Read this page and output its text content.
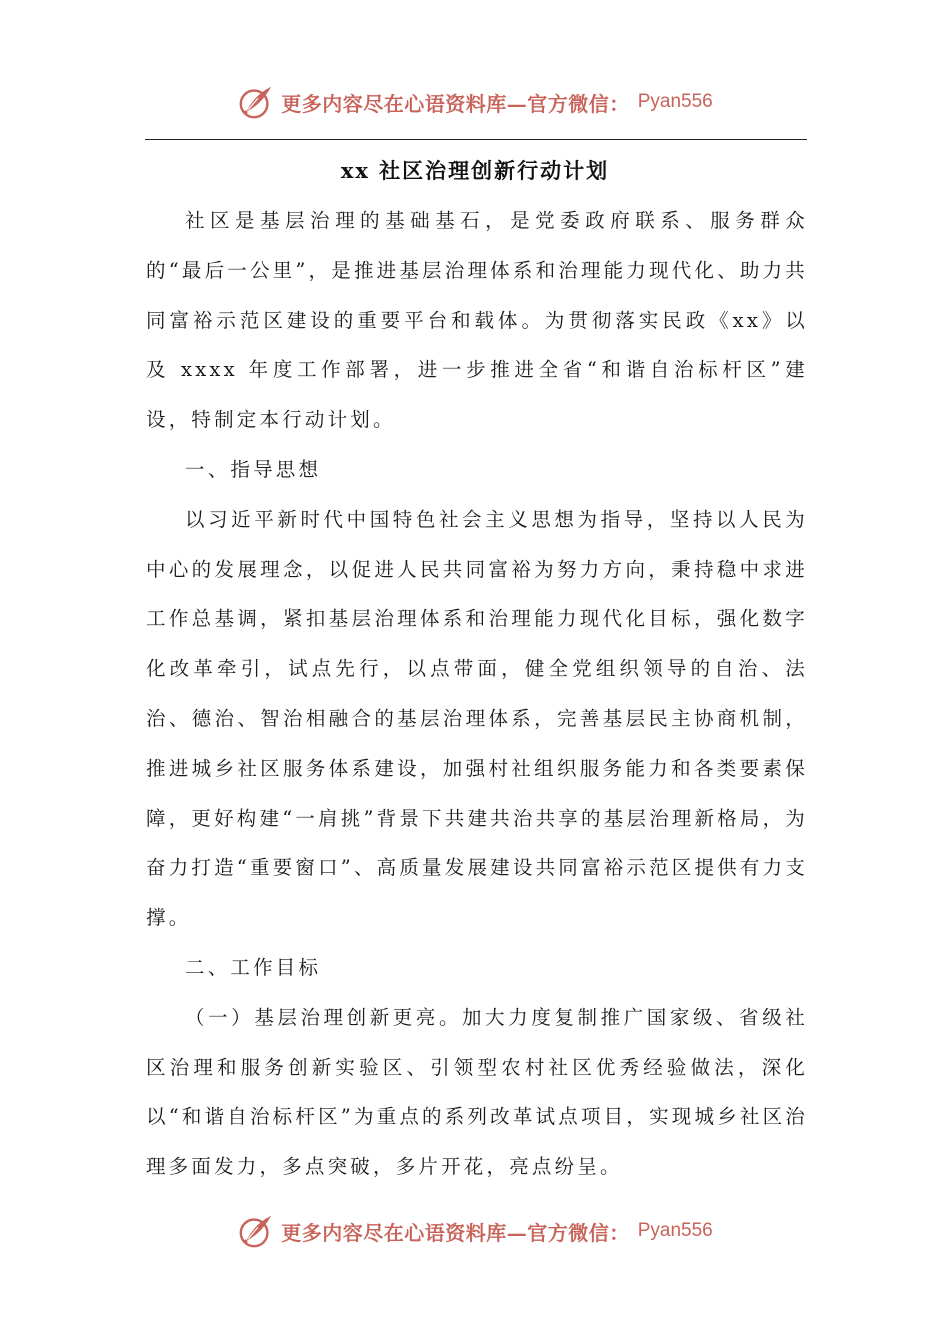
更多内容尽在心语资料库—官方微信： Pyan556
xx 社区治理创新行动计划

社区是基层治理的基础基石，是党委政府联系、服务群众的“最后一公里”，是推进基层治理体系和治理能力现代化、助力共同富裕示范区建设的重要平台和载体。为贯彻落实民政《xx》以及 xxxx 年度工作部署，进一步推进全省“和谐自治标杆区”建设，特制定本行动计划。

一、指导思想

以习近平新时代中国特色社会主义思想为指导，坚持以人民为中心的发展理念，以促进人民共同富裕为努力方向，秉持稳中求进工作总基调，紧扣基层治理体系和治理能力现代化目标，强化数字化改革牵引，试点先行，以点带面，健全党组织领导的自治、法治、德治、智治相融合的基层治理体系，完善基层民主协商机制，推进城乡社区服务体系建设，加强村社组织服务能力和各类要素保障，更好构建“一肩挑”背景下共建共治共享的基层治理新格局，为奋力打造“重要窗口”、高质量发展建设共同富裕示范区提供有力支撑。

二、工作目标

（一）基层治理创新更亮。加大力度复制推广国家级、省级社区治理和服务创新实验区、引领型农村社区优秀经验做法，深化以“和谐自治标杆区”为重点的系列改革试点项目，实现城乡社区治理多面发力，多点突破，多片开花，亮点纷呈。

更多内容尽在心语资料库—官方微信： Pyan556
